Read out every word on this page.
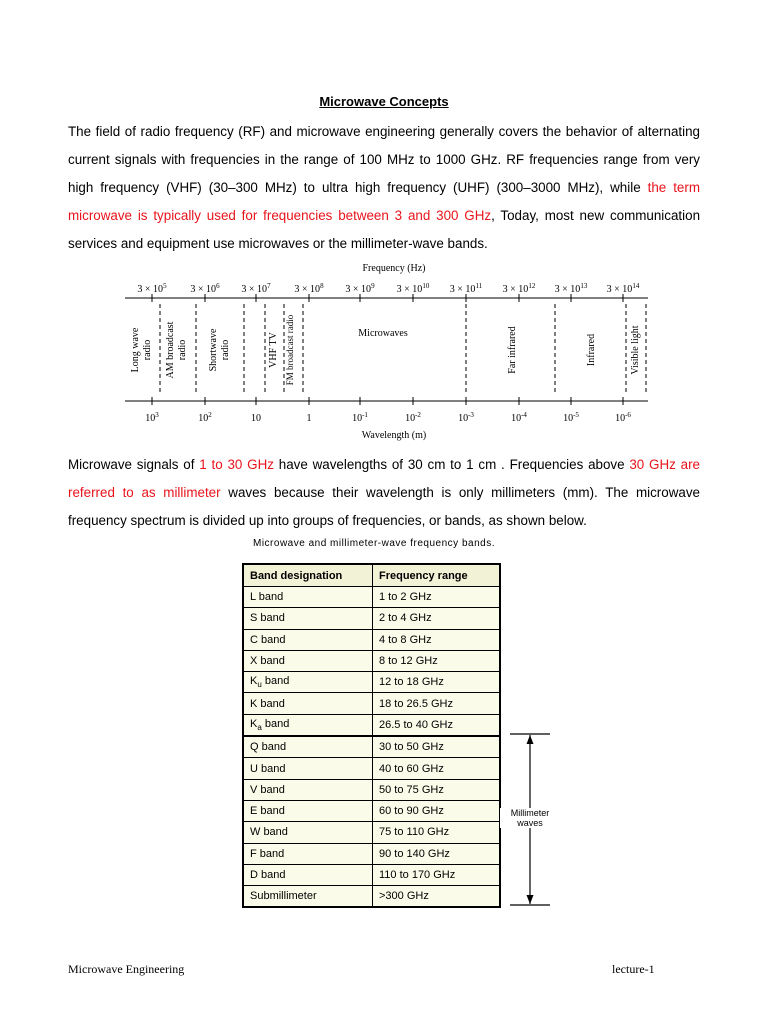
Microwave Concepts
The field of radio frequency (RF) and microwave engineering generally covers the behavior of alternating current signals with frequencies in the range of 100 MHz to 1000 GHz. RF frequencies range from very high frequency (VHF) (30–300 MHz) to ultra high frequency (UHF) (300–3000 MHz), while the term microwave is typically used for frequencies between 3 and 300 GHz, Today, most new communication services and equipment use microwaves or the millimeter-wave bands.
$3 \times 10^5$
$10^3$
$3 \times 10^6$
$10^2$
$3 \times 10^7$
10
$3 \times 10^8$
1
$3 \times 10^9$
$10^{-1}$
$3 \times 10^{10}$
$10^{-2}$
$3 \times 10^{11}$
$10^{-3}$
$3 \times 10^{12}$
$10^{-4}$
$3 \times 10^{13}$
$10^{-5}$
$3 \times 10^{14}$
$10^{-6}$
Frequency (Hz)
Wavelength (m)
Long wave radio AM broadcast radio Shortwave radio	VHF TV FM broadcast radio	Microwaves	Far infrared	Infrared	Visible light
Microwave signals of 1 to 30 GHz have wavelengths of 30 cm to 1 cm . Frequencies above 30 GHz are referred to as millimeter waves because their wavelength is only millimeters (mm). The microwave frequency spectrum is divided up into groups of frequencies, or bands, as shown below.
Microwave and millimeter-wave frequency bands.
Band designation	Frequency range
L band	1 to 2 GHz
S band	2 to 4 GHz
C band	4 to 8 GHz
X band	8 to 12 GHz
$K_u$ band	12 to 18 GHz
K band	18 to 26.5 GHz
$K_a$ band	26.5 to 40 GHz
Q band	30 to 50 GHz
U band	40 to 60 GHz
V band	50 to 75 GHz
E band	60 to 90 GHz
W band	75 to 110 GHz
F band	90 to 140 GHz
D band	110 to 170 GHz
Submillimeter	>300 GHz
Millimeter
waves
Microwave Engineering	lecture-1
